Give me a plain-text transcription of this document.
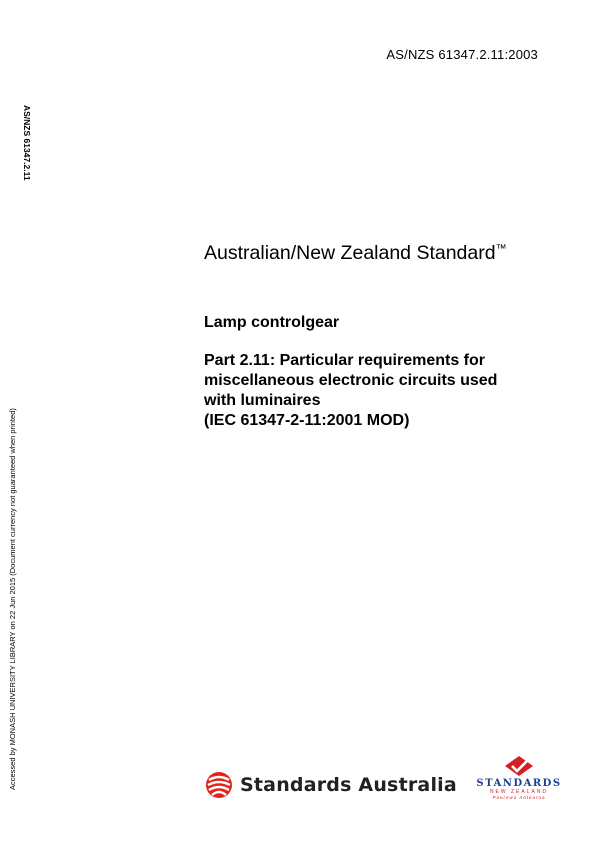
AS/NZS 61347.2.11:2003
AS/NZS 61347.2.11
Accessed by MONASH UNIVERSITY LIBRARY on 22 Jun 2015 (Document currency not guaranteed when printed)
Australian/New Zealand Standard™
Lamp controlgear
Part 2.11: Particular requirements for
miscellaneous electronic circuits used
with luminaires
(IEC 61347-2-11:2001 MOD)
Standards Australia STANDARDS
NEW ZEALAND
Paerewa Aotearoa
